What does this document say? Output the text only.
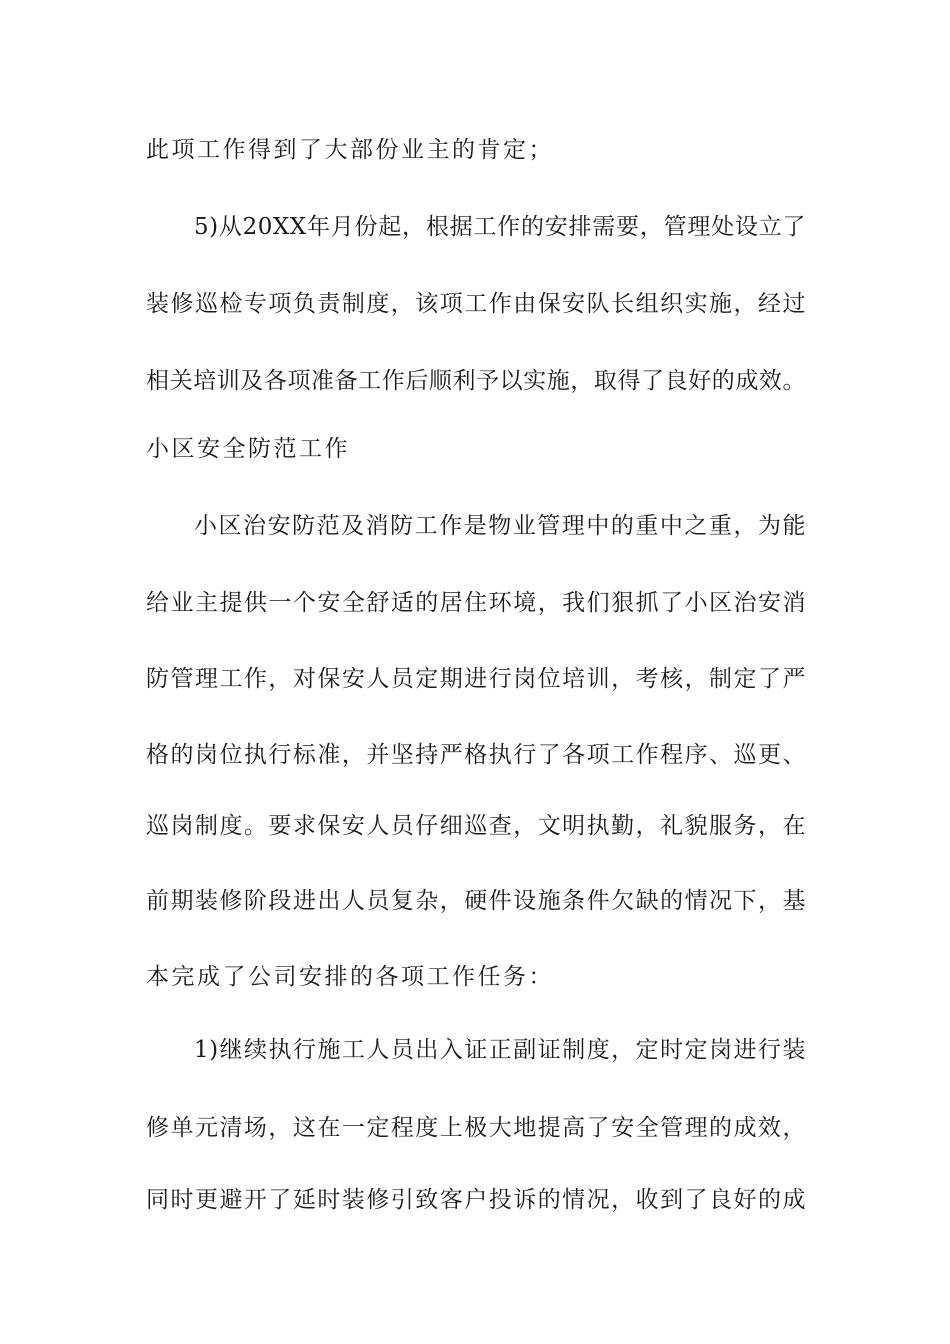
此项工作得到了大部份业主的肯定；
5)从20XX年月份起，根据工作的安排需要，管理处设立了
装修巡检专项负责制度，该项工作由保安队长组织实施，经过
相关培训及各项准备工作后顺利予以实施，取得了良好的成效。
小区安全防范工作
小区治安防范及消防工作是物业管理中的重中之重，为能
给业主提供一个安全舒适的居住环境，我们狠抓了小区治安消
防管理工作，对保安人员定期进行岗位培训，考核，制定了严
格的岗位执行标准，并坚持严格执行了各项工作程序、巡更、
巡岗制度。要求保安人员仔细巡查，文明执勤，礼貌服务，在
前期装修阶段进出人员复杂，硬件设施条件欠缺的情况下，基
本完成了公司安排的各项工作任务：
1)继续执行施工人员出入证正副证制度，定时定岗进行装
修单元清场，这在一定程度上极大地提高了安全管理的成效，
同时更避开了延时装修引致客户投诉的情况，收到了良好的成
